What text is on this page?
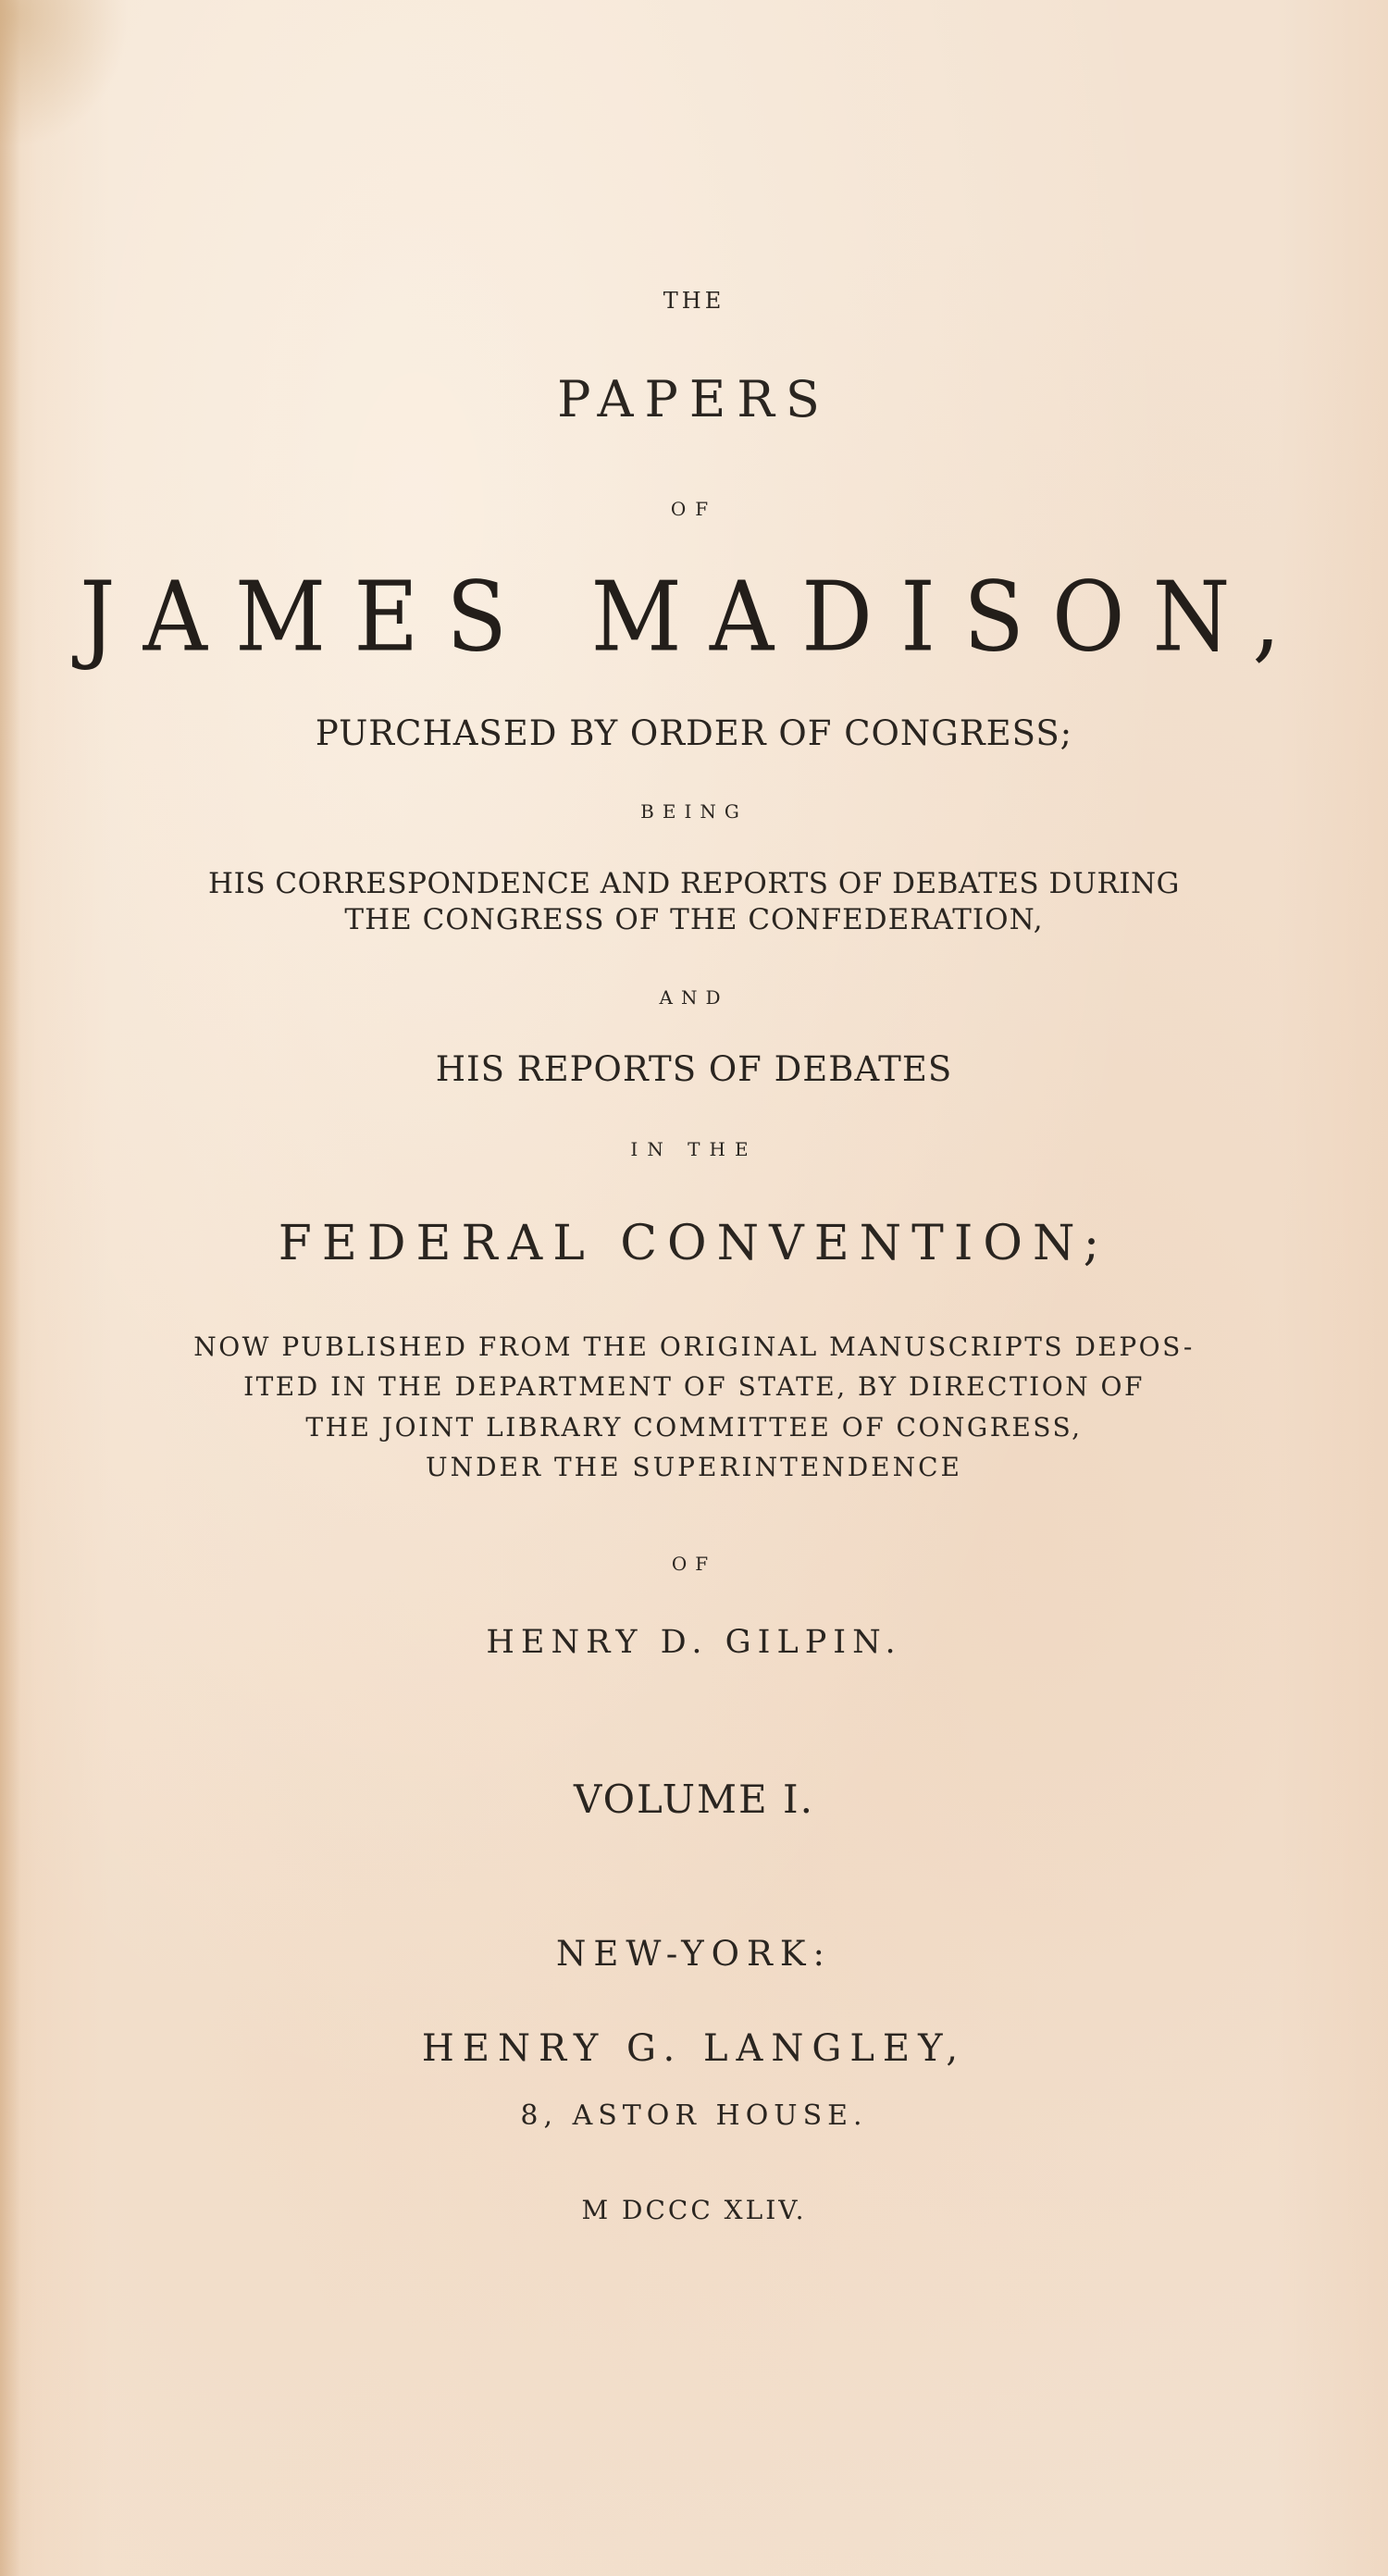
THE
PAPERS
OF
JAMES MADISON,
PURCHASED BY ORDER OF CONGRESS;
BEING
HIS CORRESPONDENCE AND REPORTS OF DEBATES DURING
THE CONGRESS OF THE CONFEDERATION,
AND
HIS REPORTS OF DEBATES
IN THE
FEDERAL CONVENTION;
NOW PUBLISHED FROM THE ORIGINAL MANUSCRIPTS DEPOS-
ITED IN THE DEPARTMENT OF STATE, BY DIRECTION OF
THE JOINT LIBRARY COMMITTEE OF CONGRESS,
UNDER THE SUPERINTENDENCE
OF
HENRY D. GILPIN.
VOLUME I.
NEW-YORK:
HENRY G. LANGLEY,
8, ASTOR HOUSE.
M DCCC XLIV.
